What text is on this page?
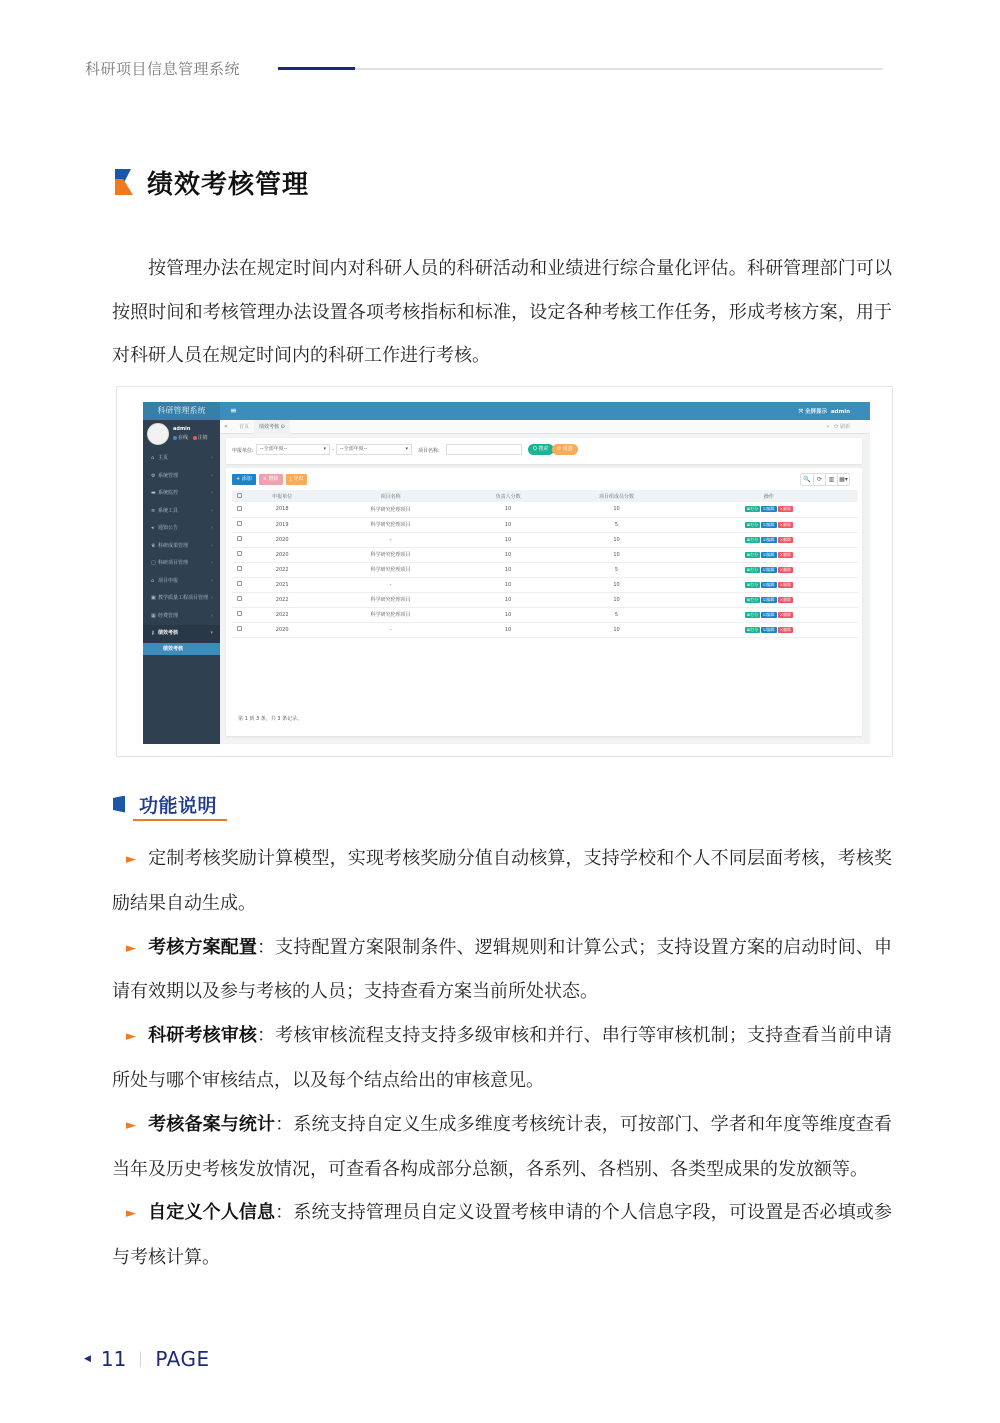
科研项目信息管理系统
绩效考核管理

按管理办法在规定时间内对科研人员的科研活动和业绩进行综合量化评估。科研管理部门可以按照时间和考核管理办法设置各项考核指标和标准，设定各种考核工作任务，形成考核方案，用于对科研人员在规定时间内的科研工作进行考核。

科研管理系统
admin
在线 注销
⌂ 主页	‹
⚙ 系统管理	‹
▬ 系统监控	‹
≡ 系统工具	‹
◂ 通知公告	‹
♛ 科研成果管理	‹
▢ 科研项目管理	‹
⌂ 项目申报	‹
▣ 教学质量工程项目管理 ‹
▦ 经费管理	‹
⚷ 绩效考核	▾
绩效考核
≡	⤧ 全屏显示 admin
«	首页	绩效考核 ⊙	» ⟳ 刷新
申报单位:	--全部年度--	▾ -	--全部年度--	▾ 项目名称:	Q 搜索	⟳ 重置
+ 添加	× 删除	⤓ 导出	🔍	⟳	▥ ▦▾
	申报单位	项目名称	负责人分数	项目组成员分数	操作
	2018	科学研究伦理项目	10	10	≣打分 ☑编辑 ×删除
	2019	科学研究伦理项目	10	5	≣打分 ☑编辑 ×删除
	2020	-	10	10	≣打分 ☑编辑 ×删除
	2020	科学研究伦理项目	10	10	≣打分 ☑编辑 ×删除
	2022	科学研究伦理项目	10	5	≣打分 ☑编辑 ×删除
	2021	-	10	10	≣打分 ☑编辑 ×删除
	2022	科学研究伦理项目	10	10	≣打分 ☑编辑 ×删除
	2022	科学研究伦理项目	10	5	≣打分 ☑编辑 ×删除
	2020	-	10	10	≣打分 ☑编辑 ×删除
第 1 到 3 条，共 3 条记录。
功能说明

► 定制考核奖励计算模型，实现考核奖励分值自动核算，支持学校和个人不同层面考核，考核奖励结果自动生成。

► 考核方案配置：支持配置方案限制条件、逻辑规则和计算公式；支持设置方案的启动时间、申请有效期以及参与考核的人员；支持查看方案当前所处状态。

► 科研考核审核：考核审核流程支持支持多级审核和并行、串行等审核机制；支持查看当前申请所处与哪个审核结点，以及每个结点给出的审核意见。

► 考核备案与统计：系统支持自定义生成多维度考核统计表，可按部门、学者和年度等维度查看当年及历史考核发放情况，可查看各构成部分总额，各系列、各档别、各类型成果的发放额等。

► 自定义个人信息：系统支持管理员自定义设置考核申请的个人信息字段，可设置是否必填或参与考核计算。

◀ 11 PAGE
